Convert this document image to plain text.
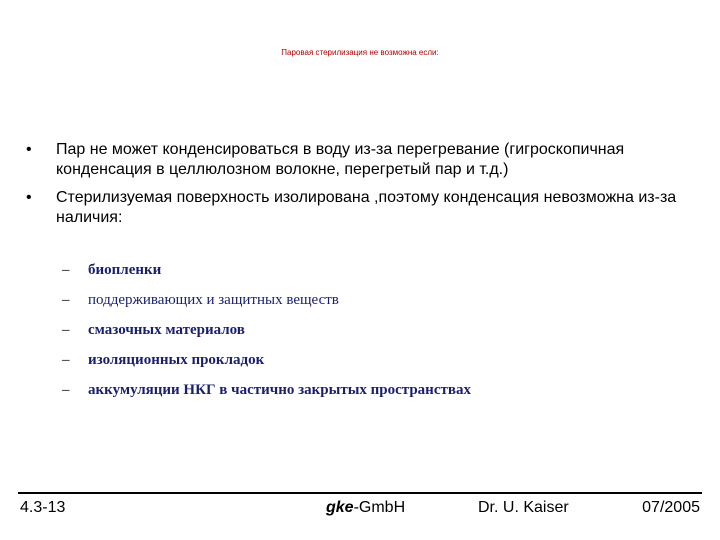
Паровая стерилизация не возможна если:
• Пар не может конденсироваться в воду из-за перегревание (гигроскопичная конденсация в целлюлозном волокне, перегретый пар и т.д.)
• Стерилизуемая поверхность изолирована ,поэтому конденсация невозможна из-за наличия:
– биопленки
– поддерживающих и защитных веществ
– смазочных материалов
– изоляционных прокладок
– аккумуляции НКГ в частично закрытых пространствах
4.3-13	gke-GmbH	Dr. U. Kaiser	07/2005
